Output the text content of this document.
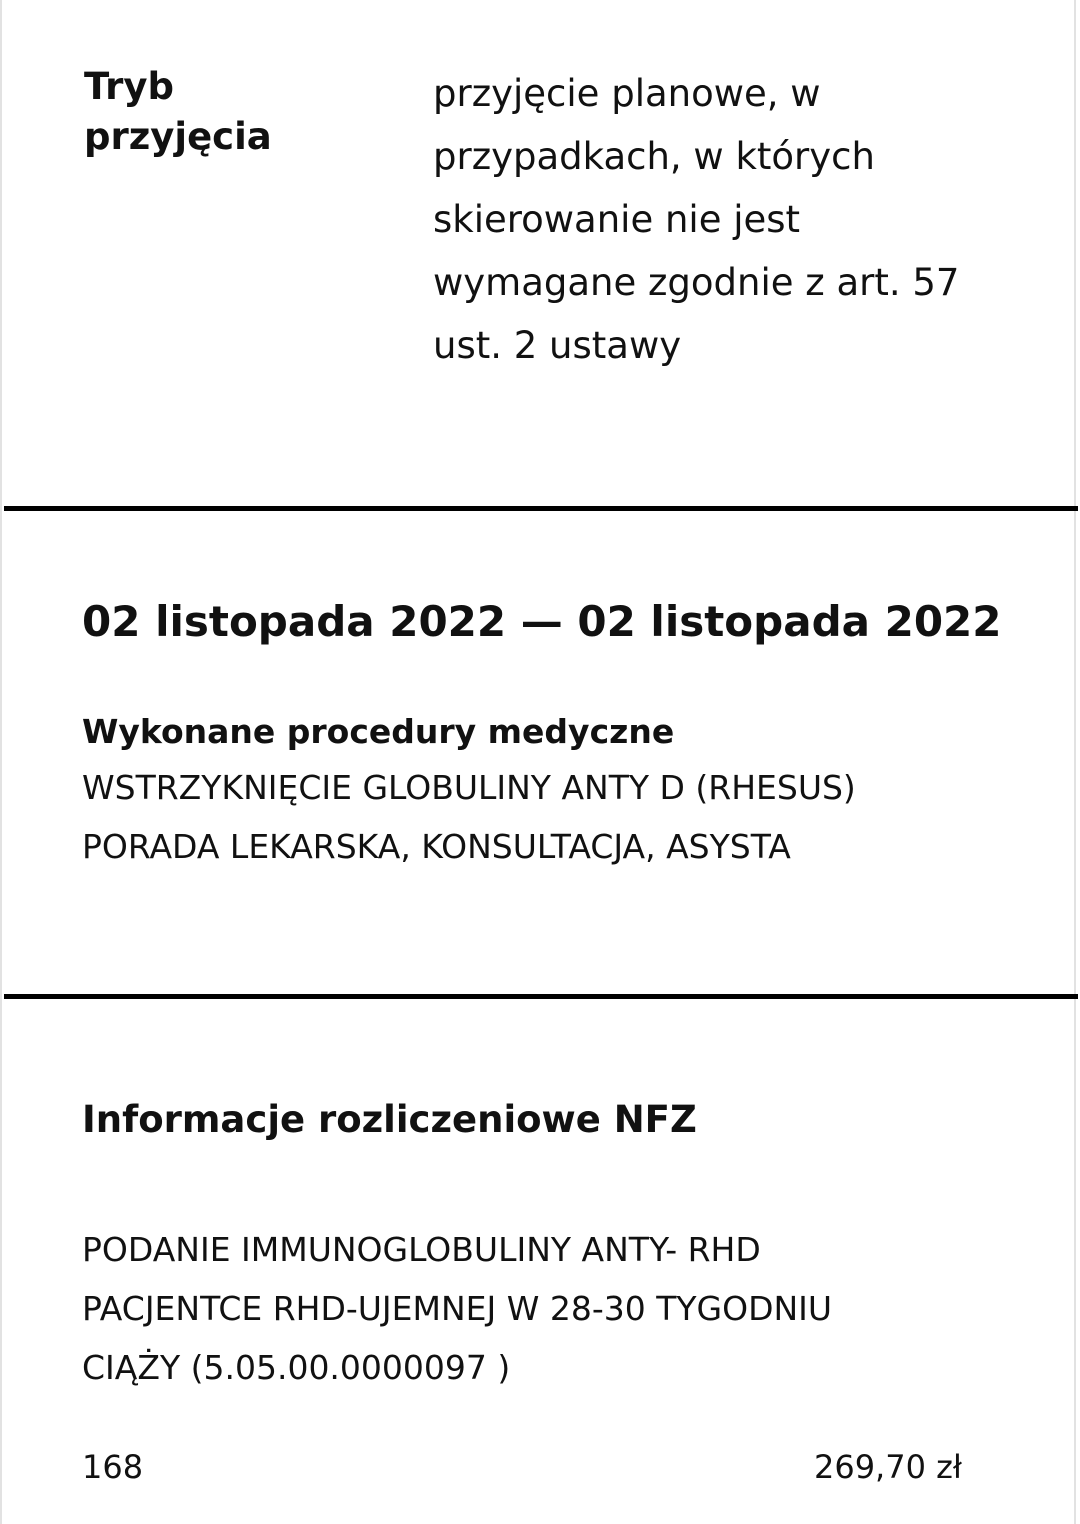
Tryb
przyjęcia

przyjęcie planowe, w
przypadkach, w których
skierowanie nie jest
wymagane zgodnie z art. 57
ust. 2 ustawy

02 listopada 2022 — 02 listopada 2022
Wykonane procedury medyczne
WSTRZYKNIĘCIE GLOBULINY ANTY D (RHESUS)
PORADA LEKARSKA, KONSULTACJA, ASYSTA
Informacje rozliczeniowe NFZ

PODANIE IMMUNOGLOBULINY ANTY- RHD
PACJENTCE RHD-UJEMNEJ W 28-30 TYGODNIU
CIĄŻY (5.05.00.0000097 )

168	269,70 zł
